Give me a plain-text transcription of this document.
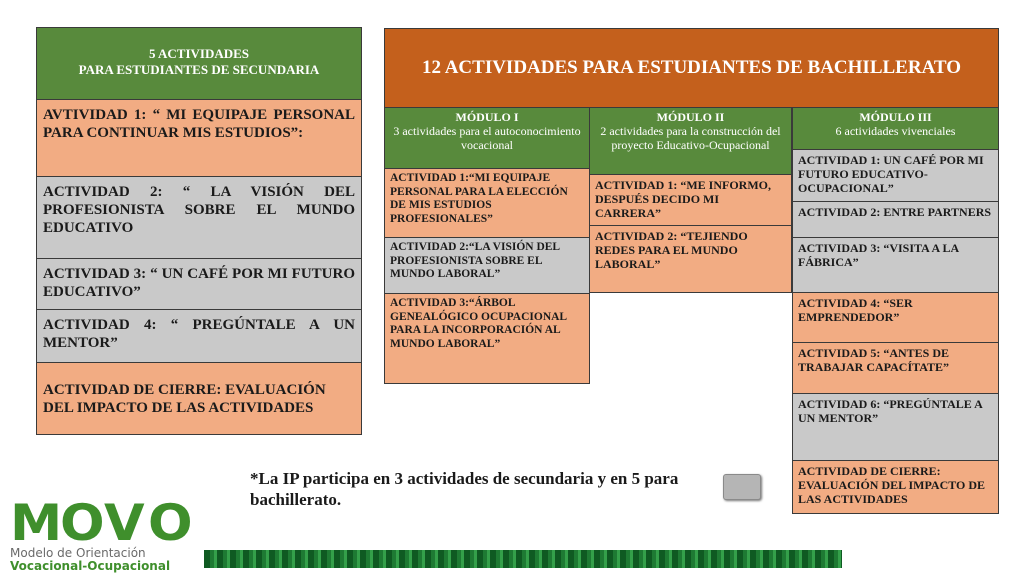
5 ACTIVIDADES
PARA ESTUDIANTES DE SECUNDARIA
AVTIVIDAD 1: “ MI EQUIPAJE PERSONAL PARA CONTINUAR MIS ESTUDIOS”:
ACTIVIDAD 2: “ LA VISIÓN DEL PROFESIONISTA SOBRE EL MUNDO EDUCATIVO
ACTIVIDAD 3: “ UN CAFÉ POR MI FUTURO EDUCATIVO”
ACTIVIDAD 4: “ PREGÚNTALE A UN MENTOR”
ACTIVIDAD DE CIERRE: EVALUACIÓN DEL IMPACTO DE LAS ACTIVIDADES
12 ACTIVIDADES PARA ESTUDIANTES DE BACHILLERATO
MÓDULO I
3 actividades para el autoconocimiento vocacional
ACTIVIDAD 1:“MI EQUIPAJE PERSONAL PARA LA ELECCIÓN DE MIS ESTUDIOS PROFESIONALES”
ACTIVIDAD 2:“LA VISIÓN DEL PROFESIONISTA SOBRE EL MUNDO LABORAL”
ACTIVIDAD 3:“ÁRBOL GENEALÓGICO OCUPACIONAL PARA LA INCORPORACIÓN AL MUNDO LABORAL”
MÓDULO II
2 actividades para la construcción del proyecto Educativo-Ocupacional
ACTIVIDAD 1: “ME INFORMO, DESPUÉS DECIDO MI CARRERA”
ACTIVIDAD 2: “TEJIENDO REDES PARA EL MUNDO LABORAL”
MÓDULO III
6 actividades vivenciales
ACTIVIDAD 1: UN CAFÉ POR MI FUTURO EDUCATIVO-OCUPACIONAL”
ACTIVIDAD 2: ENTRE PARTNERS
ACTIVIDAD 3: “VISITA A LA FÁBRICA”
ACTIVIDAD 4: “SER EMPRENDEDOR”
ACTIVIDAD 5: “ANTES DE TRABAJAR CAPACÍTATE”
ACTIVIDAD 6: “PREGÚNTALE A UN MENTOR”
ACTIVIDAD DE CIERRE: EVALUACIÓN DEL IMPACTO DE LAS ACTIVIDADES
*La IP participa en 3 actividades de secundaria y en 5 para bachillerato.
M
O V O
Modelo de Orientación
Vocacional-Ocupacional
